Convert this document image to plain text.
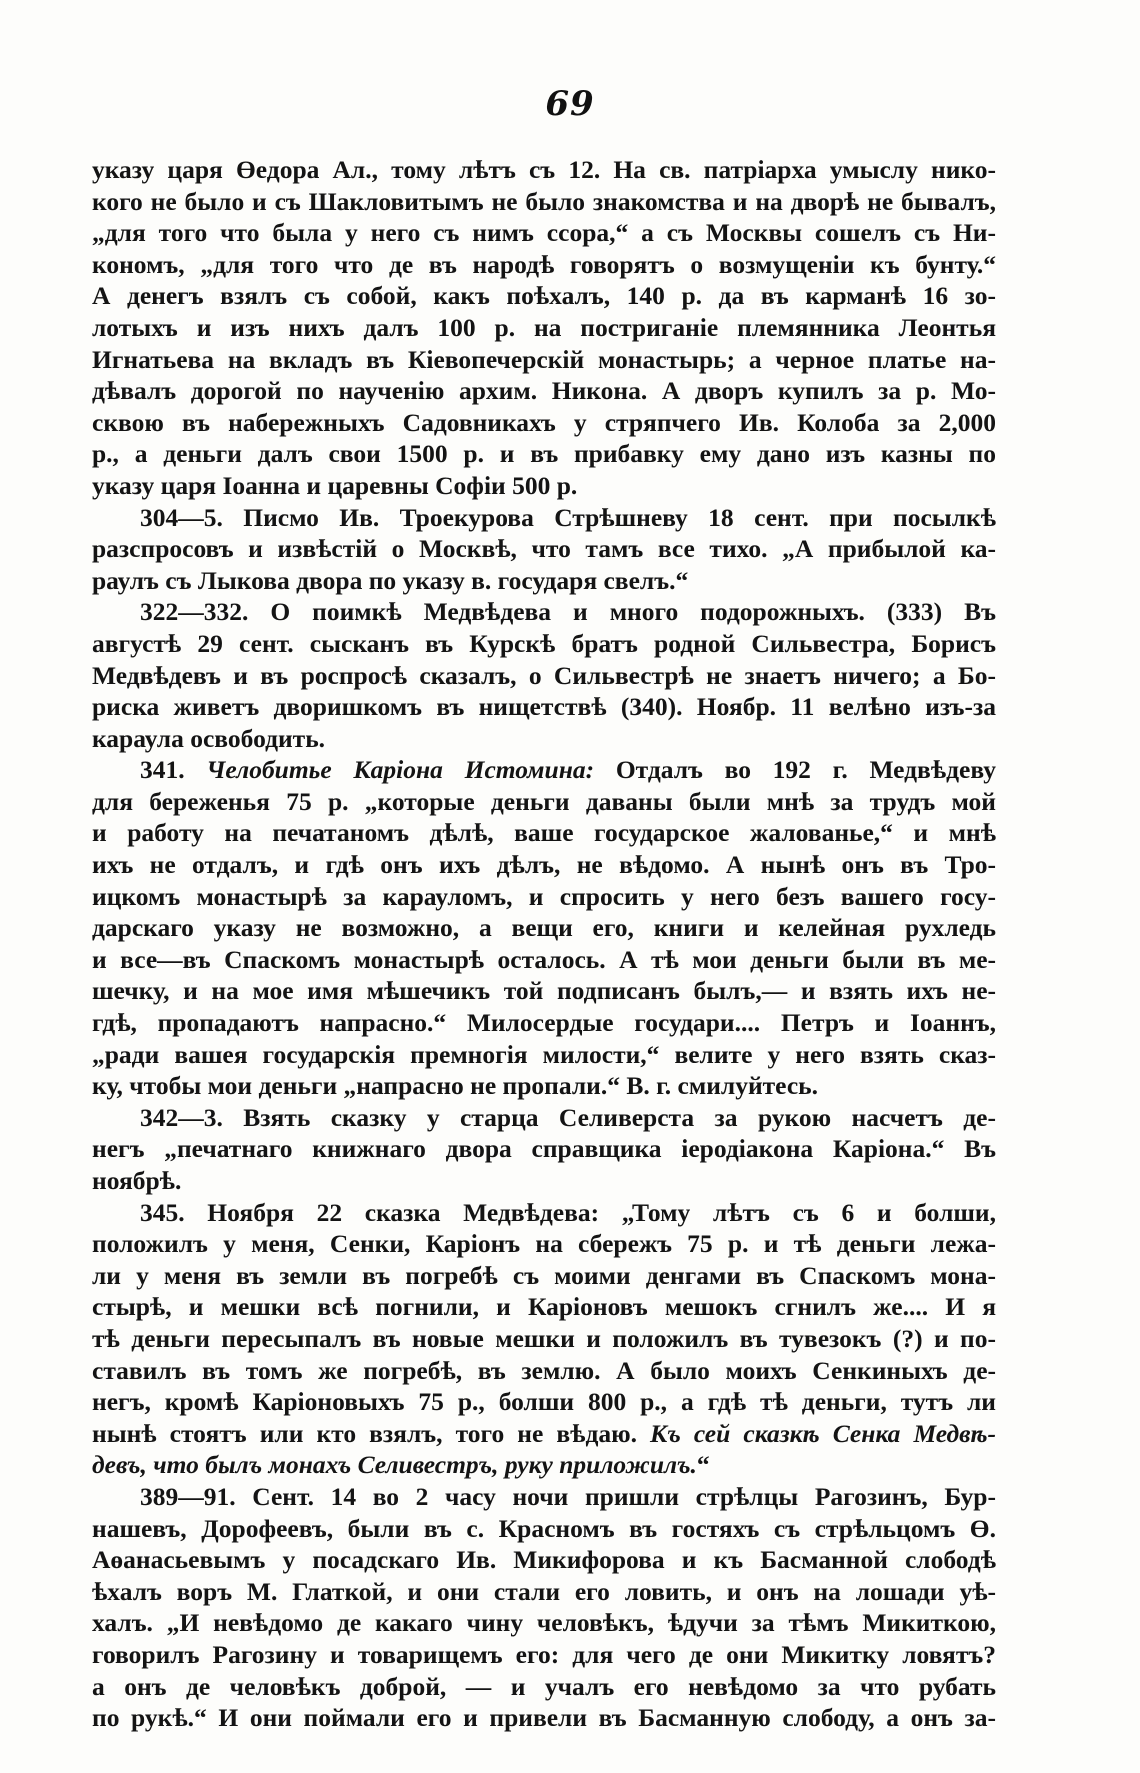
69
указу царя Өедора Ал., тому лѣтъ съ 12. На св. патріарха умыслу нико-
кого не было и съ Шакловитымъ не было знакомства и на дворѣ не бывалъ,
„для того что была у него съ нимъ ссора,“ а съ Москвы сошелъ съ Ни-
кономъ, „для того что де въ народѣ говорятъ о возмущеніи къ бунту.“
А денегъ взялъ съ собой, какъ поѣхалъ, 140 р. да въ карманѣ 16 зо-
лотыхъ и изъ нихъ далъ 100 р. на постриганіе племянника Леонтья
Игнатьева на вкладъ въ Кіевопечерскій монастырь; а черное платье на-
дѣвалъ дорогой по наученію архим. Никона. А дворъ купилъ за р. Мо-
сквою въ набережныхъ Садовникахъ у стряпчего Ив. Колоба за 2,000
р., а деньги далъ свои 1500 р. и въ прибавку ему дано изъ казны по
указу царя Іоанна и царевны Софіи 500 р.
304—5. Писмо Ив. Троекурова Стрѣшневу 18 сент. при посылкѣ
разспросовъ и извѣстій о Москвѣ, что тамъ все тихо. „А прибылой ка-
раулъ съ Лыкова двора по указу в. государя свелъ.“
322—332. О поимкѣ Медвѣдева и много подорожныхъ. (333) Въ
августѣ 29 сент. сысканъ въ Курскѣ братъ родной Сильвестра, Борисъ
Медвѣдевъ и въ роспросѣ сказалъ, о Сильвестрѣ не знаетъ ничего; а Бо-
риска живетъ дворишкомъ въ нищетствѣ (340). Ноябр. 11 велѣно изъ-за
караула освободить.
341. Челобитье Каріона Истомина: Отдалъ во 192 г. Медвѣдеву
для береженья 75 р. „которые деньги даваны были мнѣ за трудъ мой
и работу на печатаномъ дѣлѣ, ваше государское жалованье,“ и мнѣ
ихъ не отдалъ, и гдѣ онъ ихъ дѣлъ, не вѣдомо. А нынѣ онъ въ Тро-
ицкомъ монастырѣ за карауломъ, и спросить у него безъ вашего госу-
дарскаго указу не возможно, а вещи его, книги и келейная рухледь
и все—въ Спаскомъ монастырѣ осталось. А тѣ мои деньги были въ ме-
шечку, и на мое имя мѣшечикъ той подписанъ былъ,— и взять ихъ не-
гдѣ, пропадаютъ напрасно.“ Милосердые государи.... Петръ и Іоаннъ,
„ради вашея государскія премногія милости,“ велите у него взять сказ-
ку, чтобы мои деньги „напрасно не пропали.“ В. г. смилуйтесь.
342—3. Взять сказку у старца Селиверста за рукою насчетъ де-
негъ „печатнаго книжнаго двора справщика іеродіакона Каріона.“ Въ
ноябрѣ.
345. Ноября 22 сказка Медвѣдева: „Тому лѣтъ съ 6 и болши,
положилъ у меня, Сенки, Каріонъ на сбережъ 75 р. и тѣ деньги лежа-
ли у меня въ земли въ погребѣ съ моими денгами въ Спаскомъ мона-
стырѣ, и мешки всѣ погнили, и Каріоновъ мешокъ сгнилъ же.... И я
тѣ деньги пересыпалъ въ новые мешки и положилъ въ тувезокъ (?) и по-
ставилъ въ томъ же погребѣ, въ землю. А было моихъ Сенкиныхъ де-
негъ, кромѣ Каріоновыхъ 75 р., болши 800 р., а гдѣ тѣ деньги, тутъ ли
нынѣ стоятъ или кто взялъ, того не вѣдаю. Къ сей сказкѣ Сенка Медвѣ-
девъ, что былъ монахъ Селивестръ, руку приложилъ.“
389—91. Сент. 14 во 2 часу ночи пришли стрѣлцы Рагозинъ, Бур-
нашевъ, Дорофеевъ, были въ с. Красномъ въ гостяхъ съ стрѣльцомъ Ө.
Аөанасьевымъ у посадскаго Ив. Микифорова и къ Басманной слободѣ
ѣхалъ воръ М. Глаткой, и они стали его ловить, и онъ на лошади уѣ-
халъ. „И невѣдомо де какаго чину человѣкъ, ѣдучи за тѣмъ Микиткою,
говорилъ Рагозину и товарищемъ его: для чего де они Микитку ловятъ?
а онъ де человѣкъ доброй, — и учалъ его невѣдомо за что рубать
по рукѣ.“ И они поймали его и привели въ Басманную слободу, а онъ за-
